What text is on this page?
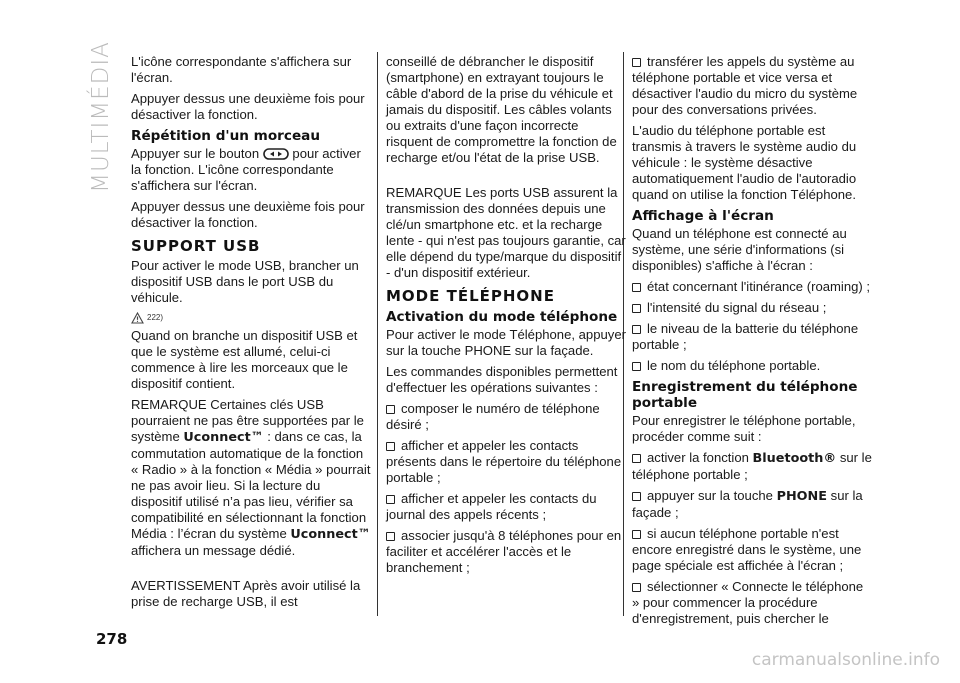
MULTIMÉDIA L'icône correspondante s'affichera sur l'écran.

Appuyer dessus une deuxième fois pour désactiver la fonction.

Répétition d'un morceau

Appuyer sur le bouton	pour activer la fonction. L'icône correspondante s'affichera sur l'écran.

Appuyer dessus une deuxième fois pour désactiver la fonction.

SUPPORT USB

Pour activer le mode USB, brancher un dispositif USB dans le port USB du véhicule.

222)

Quand on branche un dispositif USB et que le système est allumé, celui-ci commence à lire les morceaux que le dispositif contient.

REMARQUE Certaines clés USB pourraient ne pas être supportées par le système Uconnect™ : dans ce cas, la commutation automatique de la fonction « Radio » à la fonction « Média » pourrait ne pas avoir lieu. Si la lecture du dispositif utilisé n’a pas lieu, vérifier sa compatibilité en sélectionnant la fonction Média : l’écran du système Uconnect™ affichera un message dédié.

AVERTISSEMENT Après avoir utilisé la prise de recharge USB, il est

conseillé de débrancher le dispositif (smartphone) en extrayant toujours le câble d'abord de la prise du véhicule et jamais du dispositif. Les câbles volants ou extraits d'une façon incorrecte risquent de compromettre la fonction de recharge et/ou l'état de la prise USB.

REMARQUE Les ports USB assurent la transmission des données depuis une clé/un smartphone etc. et la recharge lente - qui n'est pas toujours garantie, car elle dépend du type/marque du dispositif - d'un dispositif extérieur.

MODE TÉLÉPHONE
Activation du mode téléphone

Pour activer le mode Téléphone, appuyer sur la touche PHONE sur la façade.

Les commandes disponibles permettent d'effectuer les opérations suivantes :

composer le numéro de téléphone désiré ;

afficher et appeler les contacts présents dans le répertoire du téléphone portable ;

afficher et appeler les contacts du journal des appels récents ;

associer jusqu'à 8 téléphones pour en faciliter et accélérer l'accès et le branchement ;

transférer les appels du système au téléphone portable et vice versa et désactiver l'audio du micro du système pour des conversations privées.

L'audio du téléphone portable est transmis à travers le système audio du véhicule : le système désactive automatiquement l'audio de l'autoradio quand on utilise la fonction Téléphone.

Affichage à l'écran

Quand un téléphone est connecté au système, une série d'informations (si disponibles) s'affiche à l'écran :

état concernant l'itinérance (roaming) ;

l'intensité du signal du réseau ;

le niveau de la batterie du téléphone portable ;

le nom du téléphone portable.

Enregistrement du téléphone portable

Pour enregistrer le téléphone portable, procéder comme suit :

activer la fonction Bluetooth® sur le téléphone portable ;

appuyer sur la touche PHONE sur la façade ;

si aucun téléphone portable n'est encore enregistré dans le système, une page spéciale est affichée à l'écran ;

sélectionner « Connecte le téléphone » pour commencer la procédure d'enregistrement, puis chercher le

278
carmanualsonline.info
